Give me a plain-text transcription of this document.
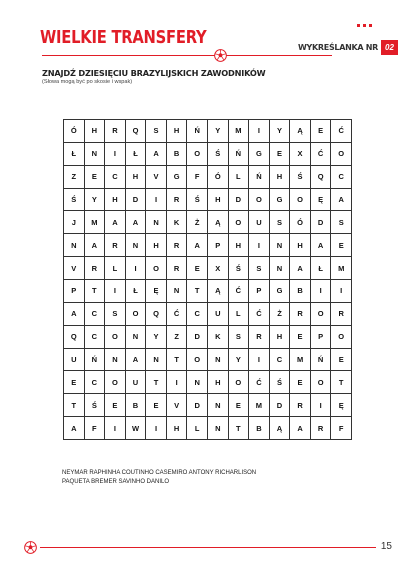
WIELKIE TRANSFERY	WYKREŚLANKA NR 02
ZNAJDŹ DZIESIĘCIU BRAZYLIJSKICH ZAWODNIKÓW
(Słowa mogą być po skosie i wspak)
Ó	H	R	Q	S	H	Ń	Y	M	I	Y	Ą	E	Ć
Ł	N	I	Ł	A	B	O	Ś	Ń	G	E	X	Ć	O
Z	E	C	H	V	G	F	Ó	L	Ń	H	Ś	Q	C
Ś	Y	H	D	I	R	Ś	H	D	O	G	O	Ę	A
J	M	A	A	N	K	Ż	Ą	O	U	S	Ó	D	S
N	A	R	N	H	R	A	P	H	I	N	H	A	E
V	R	L	I	O	R	E	X	Ś	S	N	A	Ł	M
P	T	I	Ł	Ę	N	T	Ą	Ć	P	G	B	I	I
A	C	S	O	Q	Ć	C	U	L	Ć	Ż	R	O	R
Q	C	O	N	Y	Z	D	K	S	R	H	E	P	O
U	Ń	N	A	N	T	O	N	Y	I	C	M	Ń	E
E	C	O	U	T	I	N	H	O	Ć	Ś	E	O	T
T	Ś	E	B	E	V	D	N	E	M	D	R	I	Ę
A	F	I	W	I	H	L	N	T	B	Ą	A	R	F
NEYMAR RAPHINHA COUTINHO CASEMIRO ANTONY RICHARLISON
PAQUETA BREMER SAVINHO DANILO
15
